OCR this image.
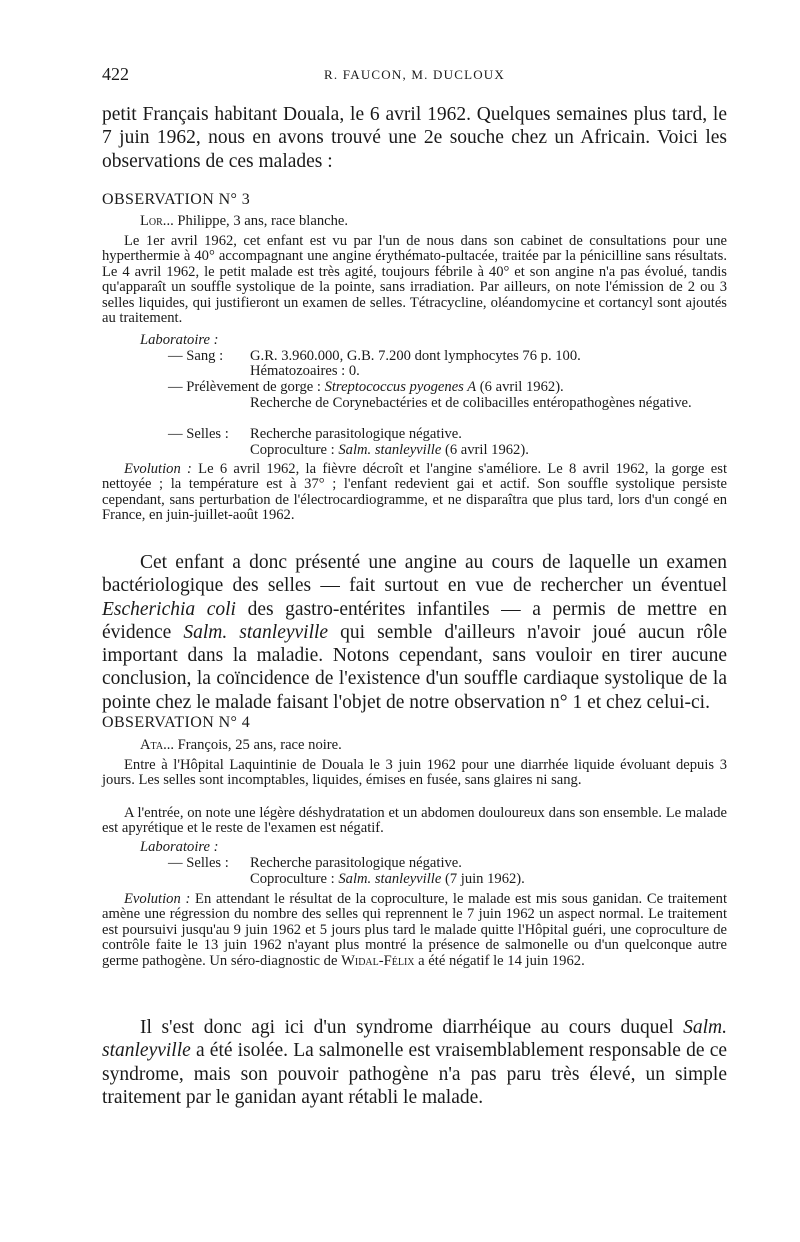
422	R. FAUCON, M. DUCLOUX

petit Français habitant Douala, le 6 avril 1962. Quelques semaines plus tard, le 7 juin 1962, nous en avons trouvé une 2e souche chez un Africain. Voici les observations de ces malades :

OBSERVATION N° 3

Lor... Philippe, 3 ans, race blanche.

Le 1er avril 1962, cet enfant est vu par l'un de nous dans son cabinet de consultations pour une hyperthermie à 40° accompagnant une angine érythémato-pultacée, traitée par la pénicilline sans résultats. Le 4 avril 1962, le petit malade est très agité, toujours fébrile à 40° et son angine n'a pas évolué, tandis qu'apparaît un souffle systolique de la pointe, sans irradiation. Par ailleurs, on note l'émission de 2 ou 3 selles liquides, qui justifieront un examen de selles. Tétracycline, oléandomycine et cortancyl sont ajoutés au traitement.

Laboratoire :
— Sang : G.R. 3.960.000, G.B. 7.200 dont lymphocytes 76 p. 100.
Hématozoaires : 0.
— Prélèvement de gorge : Streptococcus pyogenes A (6 avril 1962).

Recherche de Corynebactéries et de colibacilles entéropathogènes négative.

— Selles : Recherche parasitologique négative.
Coproculture : Salm. stanleyville (6 avril 1962).

Evolution : Le 6 avril 1962, la fièvre décroît et l'angine s'améliore. Le 8 avril 1962, la gorge est nettoyée ; la température est à 37° ; l'enfant redevient gai et actif. Son souffle systolique persiste cependant, sans perturbation de l'électrocardiogramme, et ne disparaîtra que plus tard, lors d'un congé en France, en juin-juillet-août 1962.

Cet enfant a donc présenté une angine au cours de laquelle un examen bactériologique des selles — fait surtout en vue de rechercher un éventuel Escherichia coli des gastro-entérites infantiles — a permis de mettre en évidence Salm. stanleyville qui semble d'ailleurs n'avoir joué aucun rôle important dans la maladie. Notons cependant, sans vouloir en tirer aucune conclusion, la coïncidence de l'existence d'un souffle cardiaque systolique de la pointe chez le malade faisant l'objet de notre observation n° 1 et chez celui-ci.

OBSERVATION N° 4

Ata... François, 25 ans, race noire.

Entre à l'Hôpital Laquintinie de Douala le 3 juin 1962 pour une diarrhée liquide évoluant depuis 3 jours. Les selles sont incomptables, liquides, émises en fusée, sans glaires ni sang.

A l'entrée, on note une légère déshydratation et un abdomen douloureux dans son ensemble. Le malade est apyrétique et le reste de l'examen est négatif.

Laboratoire :
— Selles : Recherche parasitologique négative.
Coproculture : Salm. stanleyville (7 juin 1962).

Evolution : En attendant le résultat de la coproculture, le malade est mis sous ganidan. Ce traitement amène une régression du nombre des selles qui reprennent le 7 juin 1962 un aspect normal. Le traitement est poursuivi jusqu'au 9 juin 1962 et 5 jours plus tard le malade quitte l'Hôpital guéri, une coproculture de contrôle faite le 13 juin 1962 n'ayant plus montré la présence de salmonelle ou d'un quelconque autre germe pathogène. Un séro-diagnostic de Widal-Félix a été négatif le 14 juin 1962.

Il s'est donc agi ici d'un syndrome diarrhéique au cours duquel Salm. stanleyville a été isolée. La salmonelle est vraisemblablement responsable de ce syndrome, mais son pouvoir pathogène n'a pas paru très élevé, un simple traitement par le ganidan ayant rétabli le malade.
